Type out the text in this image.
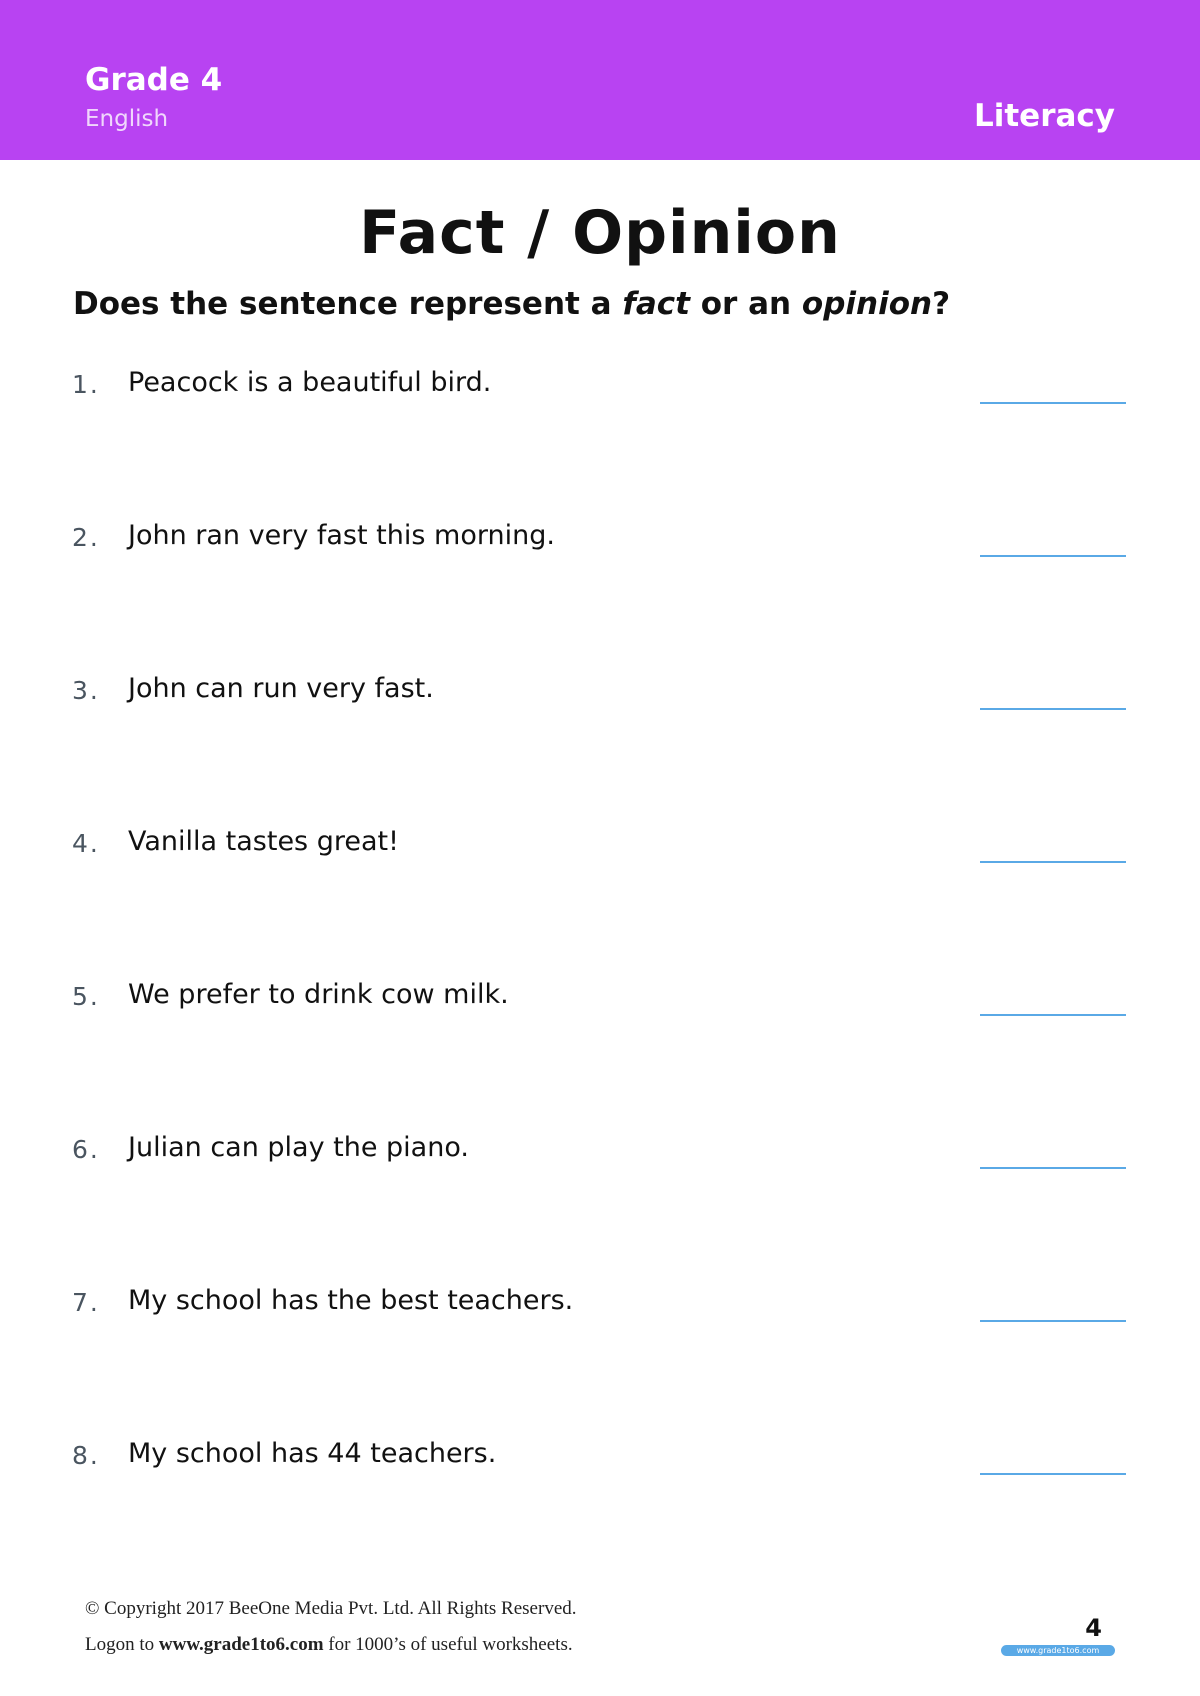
Grade 4
English	Literacy
Fact / Opinion
Does the sentence represent a fact or an opinion?
1. Peacock is a beautiful bird.
2. John ran very fast this morning.
3. John can run very fast.
4. Vanilla tastes great!
5. We prefer to drink cow milk.
6. Julian can play the piano.
7. My school has the best teachers.
8. My school has 44 teachers.
© Copyright 2017 BeeOne Media Pvt. Ltd. All Rights Reserved.
Logon to www.grade1to6.com for 1000’s of useful worksheets.
4
www.grade1to6.com
